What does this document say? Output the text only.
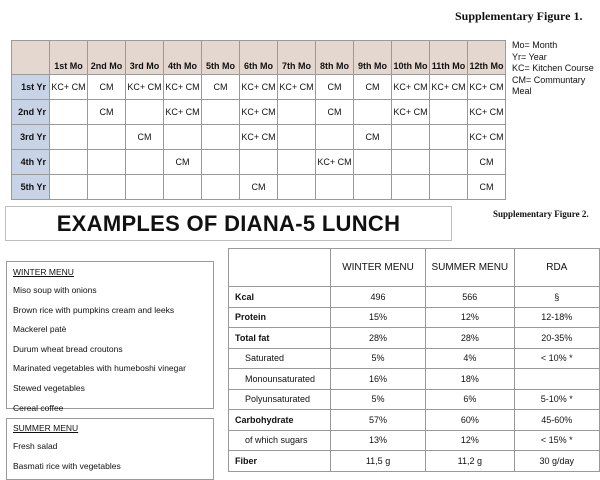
Supplementary Figure 1.
	1st Mo	2nd Mo	3rd Mo	4th Mo	5th Mo	6th Mo	7th Mo	8th Mo	9th Mo	10th Mo	11th Mo	12th Mo
1st Yr	KC+ CM	CM	KC+ CM	KC+ CM	CM	KC+ CM	KC+ CM	CM	CM	KC+ CM	KC+ CM	KC+ CM
2nd Yr		CM		KC+ CM		KC+ CM		CM		KC+ CM		KC+ CM
3rd Yr			CM			KC+ CM			CM			KC+ CM
4th Yr				CM				KC+ CM				CM
5th Yr						CM						CM
Mo= Month
Yr= Year
KC= Kitchen Course
CM= Communtary Meal
EXAMPLES OF DIANA-5 LUNCH	Supplementary Figure 2.
WINTER MENU
Miso soup with onions
Brown rice with pumpkins cream and leeks
Mackerel patè
Durum wheat bread croutons
Marinated vegetables with humeboshi vinegar
Stewed vegetables
Cereal coffee
SUMMER MENU
Fresh salad
Basmati rice with vegetables
	WINTER MENU	SUMMER MENU	RDA
Kcal	496	566	§
Protein	15%	12%	12-18%
Total fat	28%	28%	20-35%
Saturated	5%	4%	< 10% *
Monounsaturated	16%	18%	
Polyunsaturated	5%	6%	5-10% *
Carbohydrate	57%	60%	45-60%
of which sugars	13%	12%	< 15% *
Fiber	11,5 g	11,2 g	30 g/day
